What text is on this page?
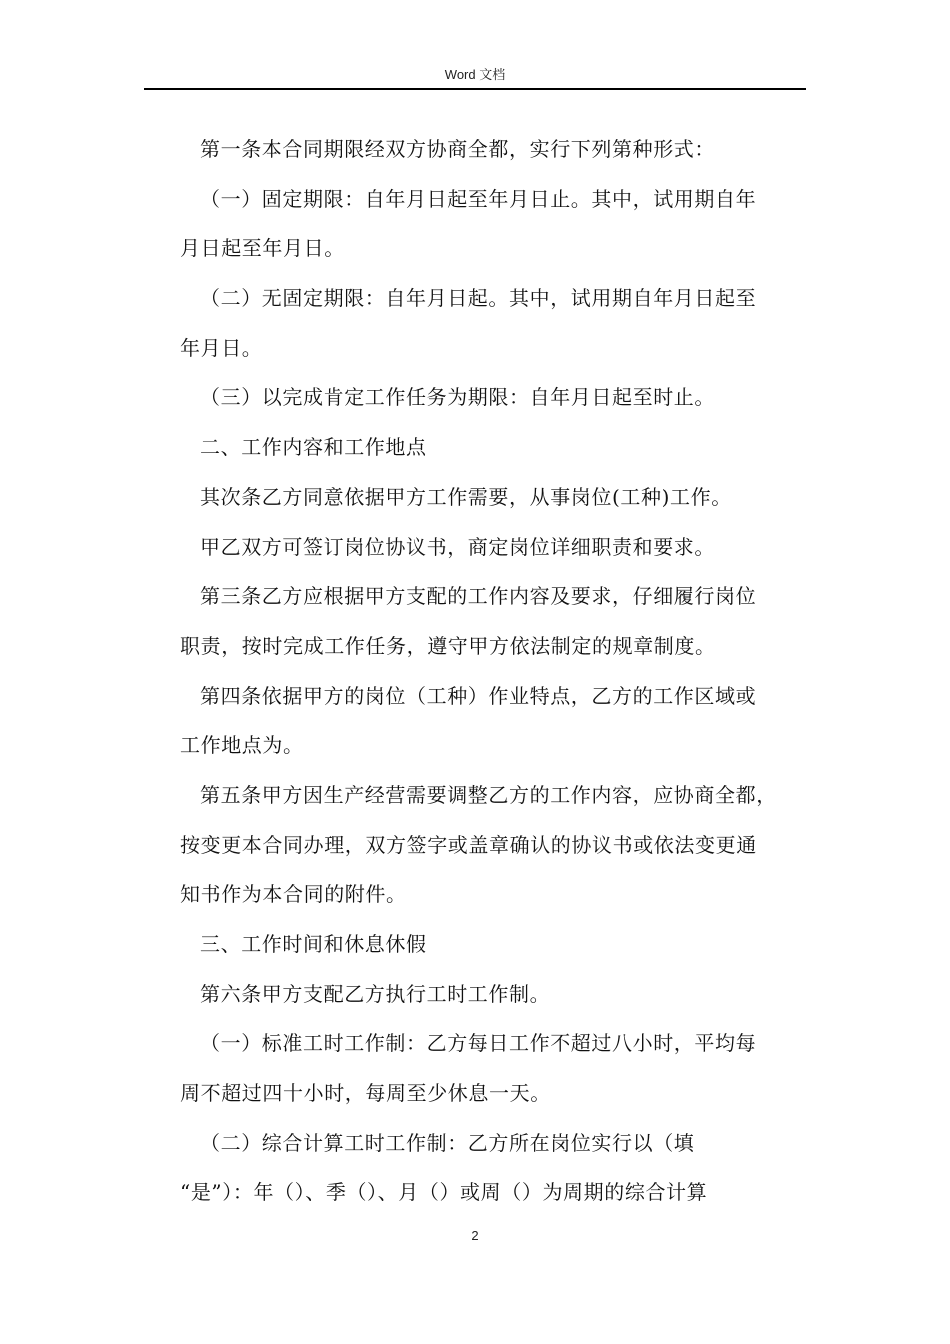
Word 文档
第一条本合同期限经双方协商全都，实行下列第种形式：
（一）固定期限：自年月日起至年月日止。其中，试用期自年
月日起至年月日。
（二）无固定期限：自年月日起。其中，试用期自年月日起至
年月日。
（三）以完成肯定工作任务为期限：自年月日起至时止。
二、工作内容和工作地点
其次条乙方同意依据甲方工作需要，从事岗位(工种)工作。
甲乙双方可签订岗位协议书，商定岗位详细职责和要求。
第三条乙方应根据甲方支配的工作内容及要求，仔细履行岗位
职责，按时完成工作任务，遵守甲方依法制定的规章制度。
第四条依据甲方的岗位（工种）作业特点，乙方的工作区域或
工作地点为。
第五条甲方因生产经营需要调整乙方的工作内容，应协商全都，
按变更本合同办理，双方签字或盖章确认的协议书或依法变更通
知书作为本合同的附件。
三、工作时间和休息休假
第六条甲方支配乙方执行工时工作制。
（一）标准工时工作制：乙方每日工作不超过八小时，平均每
周不超过四十小时，每周至少休息一天。
（二）综合计算工时工作制：乙方所在岗位实行以（填
“是”）：年（）、季（）、月（）或周（）为周期的综合计算
2
